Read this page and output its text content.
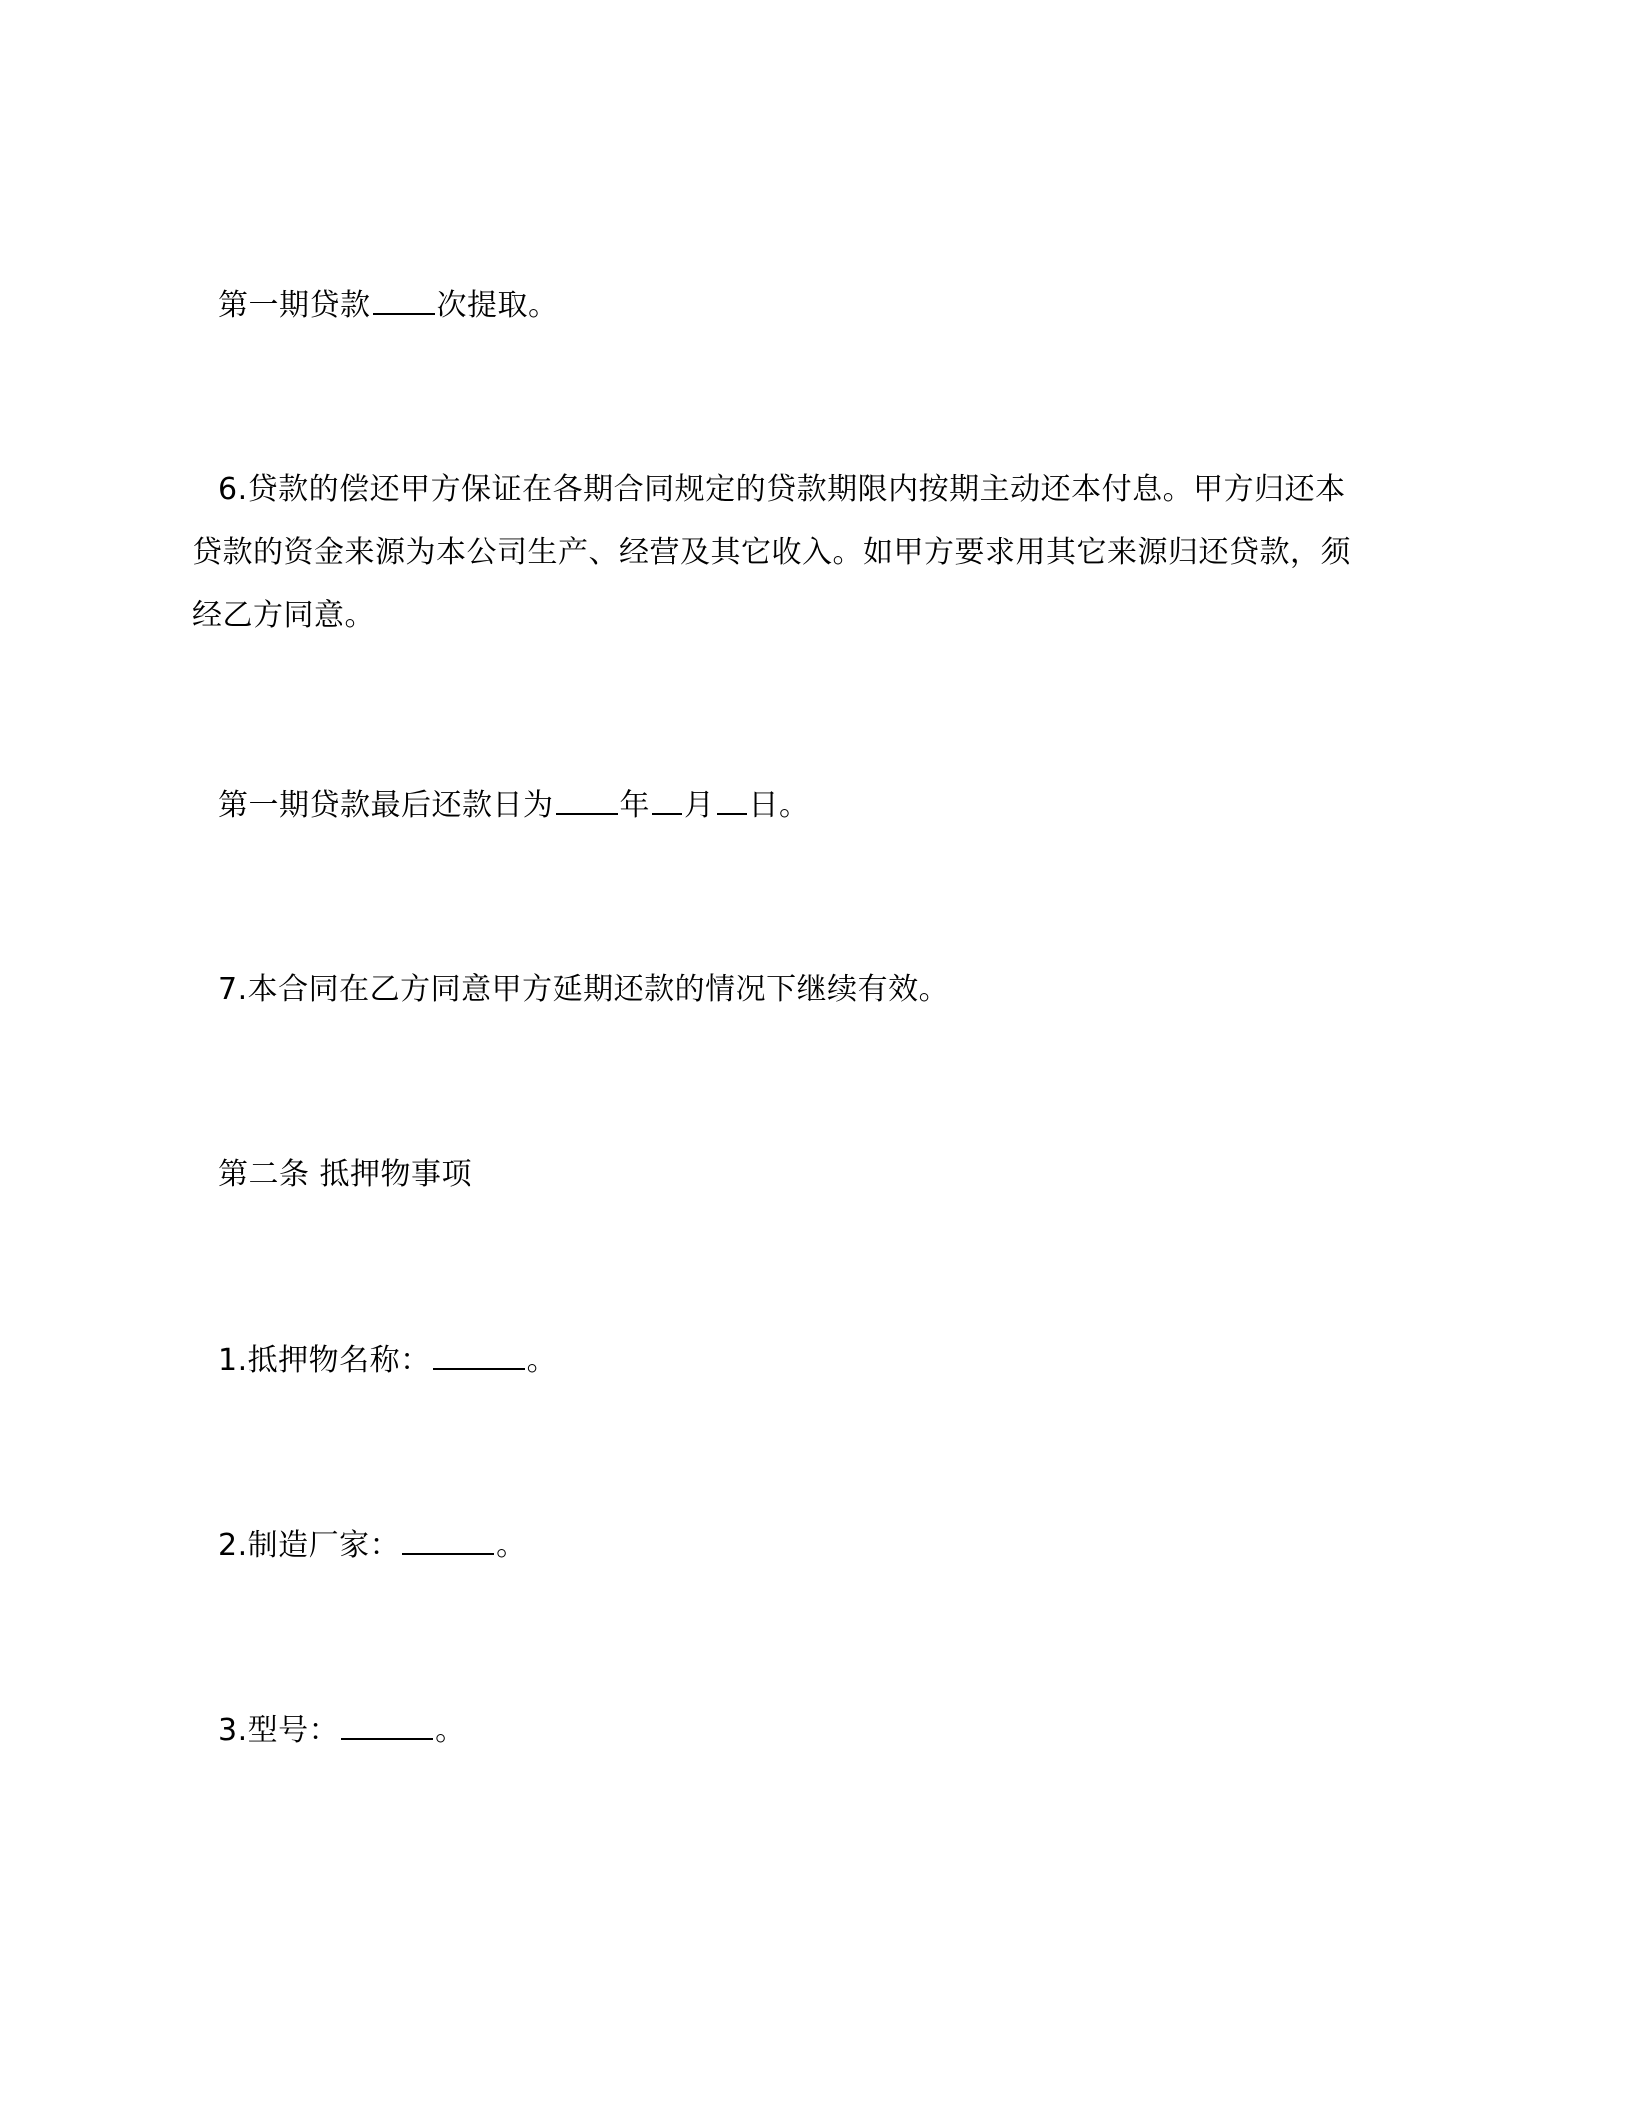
第一期贷款 次提取。
6.贷款的偿还甲方保证在各期合同规定的贷款期限内按期主动还本付息。甲方归还本
贷款的资金来源为本公司生产、经营及其它收入。如甲方要求用其它来源归还贷款，须
经乙方同意。
第一期贷款最后还款日为 年 月 日。
7.本合同在乙方同意甲方延期还款的情况下继续有效。
第二条 抵押物事项
1.抵押物名称：	。
2.制造厂家：	。
3.型号：	。
